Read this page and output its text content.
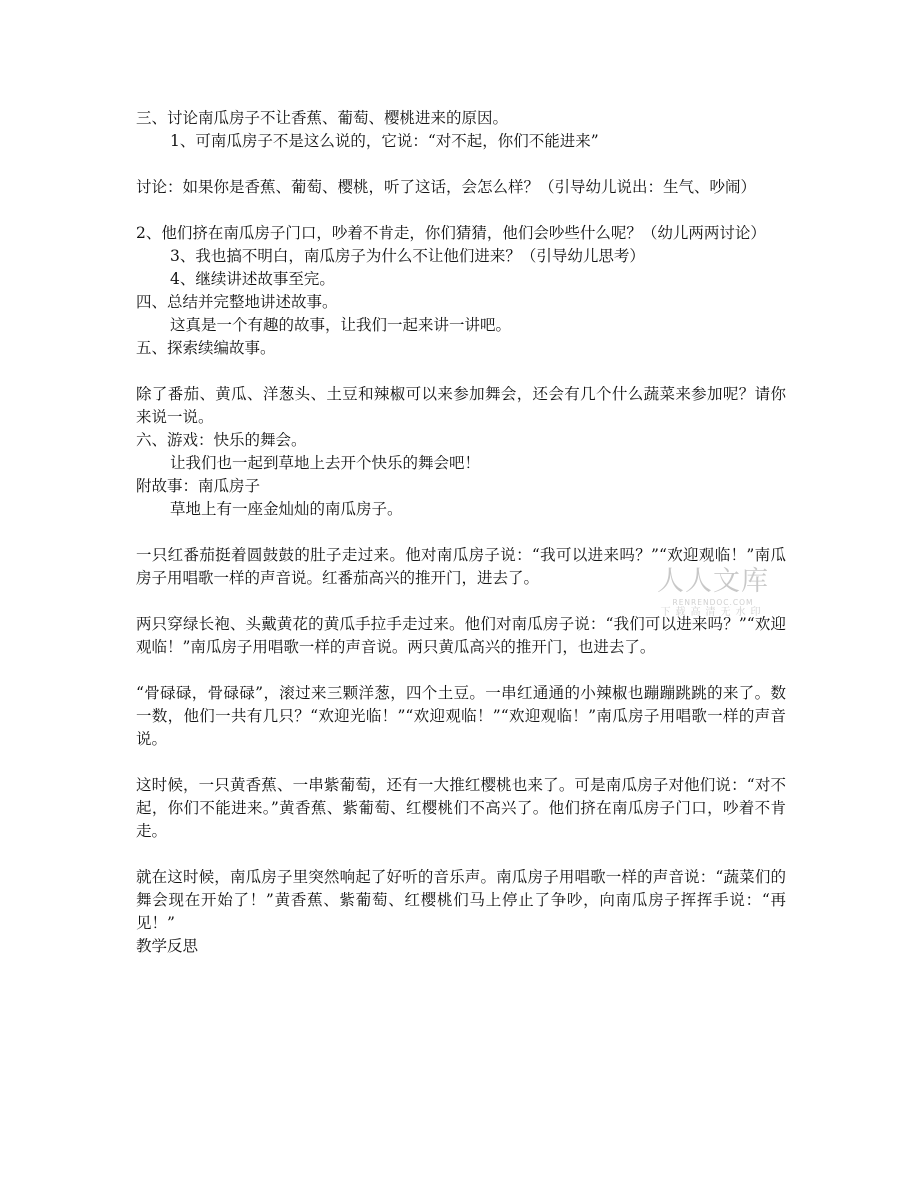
三、讨论南瓜房子不让香蕉、葡萄、樱桃进来的原因。
1、可南瓜房子不是这么说的，它说：“对不起，你们不能进来”
讨论：如果你是香蕉、葡萄、樱桃，听了这话，会怎么样？（引导幼儿说出：生气、吵闹）
2、他们挤在南瓜房子门口，吵着不肯走，你们猜猜，他们会吵些什么呢？（幼儿两两讨论）
3、我也搞不明白，南瓜房子为什么不让他们进来？（引导幼儿思考）
4、继续讲述故事至完。
四、总结并完整地讲述故事。
这真是一个有趣的故事，让我们一起来讲一讲吧。
五、探索续编故事。
除了番茄、黄瓜、洋葱头、土豆和辣椒可以来参加舞会，还会有几个什么蔬菜来参加呢？请你来说一说。
六、游戏：快乐的舞会。
让我们也一起到草地上去开个快乐的舞会吧！
附故事：南瓜房子
草地上有一座金灿灿的南瓜房子。
一只红番茄挺着圆鼓鼓的肚子走过来。他对南瓜房子说：“我可以进来吗？”“欢迎观临！”南瓜房子用唱歌一样的声音说。红番茄高兴的推开门，进去了。
两只穿绿长袍、头戴黄花的黄瓜手拉手走过来。他们对南瓜房子说：“我们可以进来吗？”“欢迎观临！”南瓜房子用唱歌一样的声音说。两只黄瓜高兴的推开门，也进去了。
“骨碌碌，骨碌碌”，滚过来三颗洋葱，四个土豆。一串红通通的小辣椒也蹦蹦跳跳的来了。数一数，他们一共有几只？“欢迎光临！”“欢迎观临！”“欢迎观临！”南瓜房子用唱歌一样的声音说。
这时候，一只黄香蕉、一串紫葡萄，还有一大推红樱桃也来了。可是南瓜房子对他们说：“对不起，你们不能进来。”黄香蕉、紫葡萄、红樱桃们不高兴了。他们挤在南瓜房子门口，吵着不肯走。
就在这时候，南瓜房子里突然响起了好听的音乐声。南瓜房子用唱歌一样的声音说：“蔬菜们的舞会现在开始了！”黄香蕉、紫葡萄、红樱桃们马上停止了争吵，向南瓜房子挥挥手说：“再见！”
教学反思
人人文库
RENRENDOC.COM
下载高清无水印
